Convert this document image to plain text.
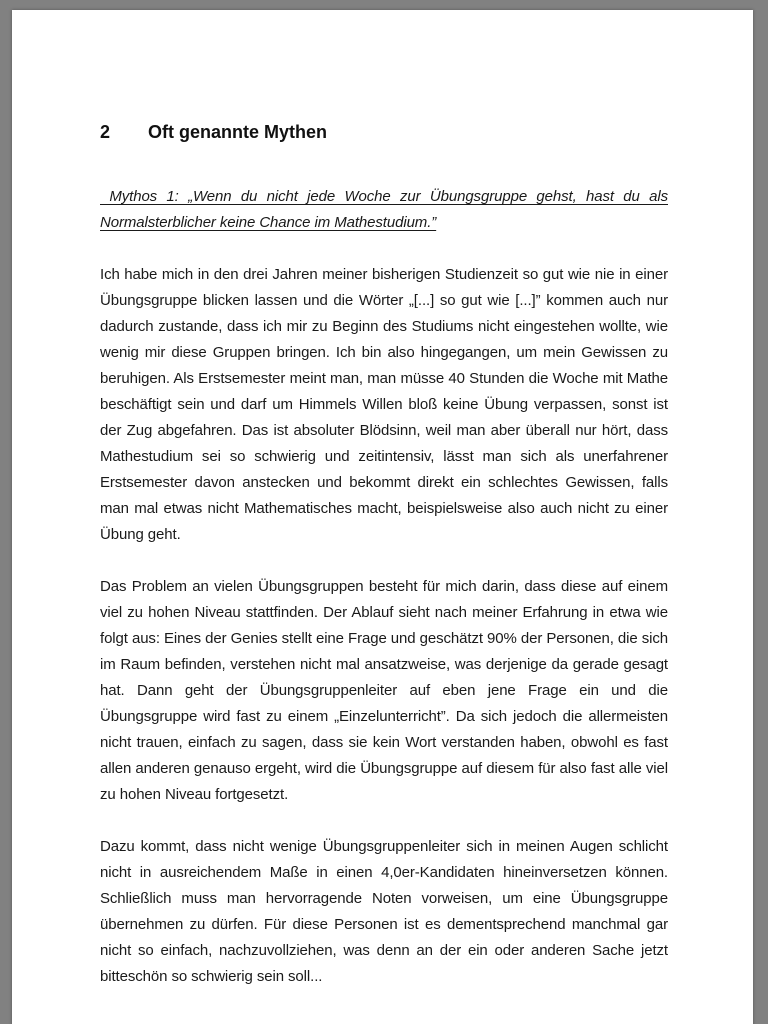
2	Oft genannte Mythen

Mythos 1: „Wenn du nicht jede Woche zur Übungsgruppe gehst, hast du als Normalsterblicher keine Chance im Mathestudium.”

Ich habe mich in den drei Jahren meiner bisherigen Studienzeit so gut wie nie in einer Übungsgruppe blicken lassen und die Wörter „[...] so gut wie [...]” kommen auch nur dadurch zustande, dass ich mir zu Beginn des Studiums nicht eingestehen wollte, wie wenig mir diese Gruppen bringen. Ich bin also hingegangen, um mein Gewissen zu beruhigen. Als Erstsemester meint man, man müsse 40 Stunden die Woche mit Mathe beschäftigt sein und darf um Himmels Willen bloß keine Übung verpassen, sonst ist der Zug abgefahren. Das ist absoluter Blödsinn, weil man aber überall nur hört, dass Mathestudium sei so schwierig und zeitintensiv, lässt man sich als unerfahrener Erstsemester davon anstecken und bekommt direkt ein schlechtes Gewissen, falls man mal etwas nicht Mathematisches macht, beispielsweise also auch nicht zu einer Übung geht.

Das Problem an vielen Übungsgruppen besteht für mich darin, dass diese auf einem viel zu hohen Niveau stattfinden. Der Ablauf sieht nach meiner Erfahrung in etwa wie folgt aus: Eines der Genies stellt eine Frage und geschätzt 90% der Personen, die sich im Raum befinden, verstehen nicht mal ansatzweise, was derjenige da gerade gesagt hat. Dann geht der Übungsgruppenleiter auf eben jene Frage ein und die Übungsgruppe wird fast zu einem „Einzelunterricht”. Da sich jedoch die allermeisten nicht trauen, einfach zu sagen, dass sie kein Wort verstanden haben, obwohl es fast allen anderen genauso ergeht, wird die Übungsgruppe auf diesem für also fast alle viel zu hohen Niveau fortgesetzt.

Dazu kommt, dass nicht wenige Übungsgruppenleiter sich in meinen Augen schlicht nicht in ausreichendem Maße in einen 4,0er-Kandidaten hineinversetzen können. Schließlich muss man hervorragende Noten vorweisen, um eine Übungsgruppe übernehmen zu dürfen. Für diese Personen ist es dementsprechend manchmal gar nicht so einfach, nachzuvollziehen, was denn an der ein oder anderen Sache jetzt bitteschön so schwierig sein soll...
